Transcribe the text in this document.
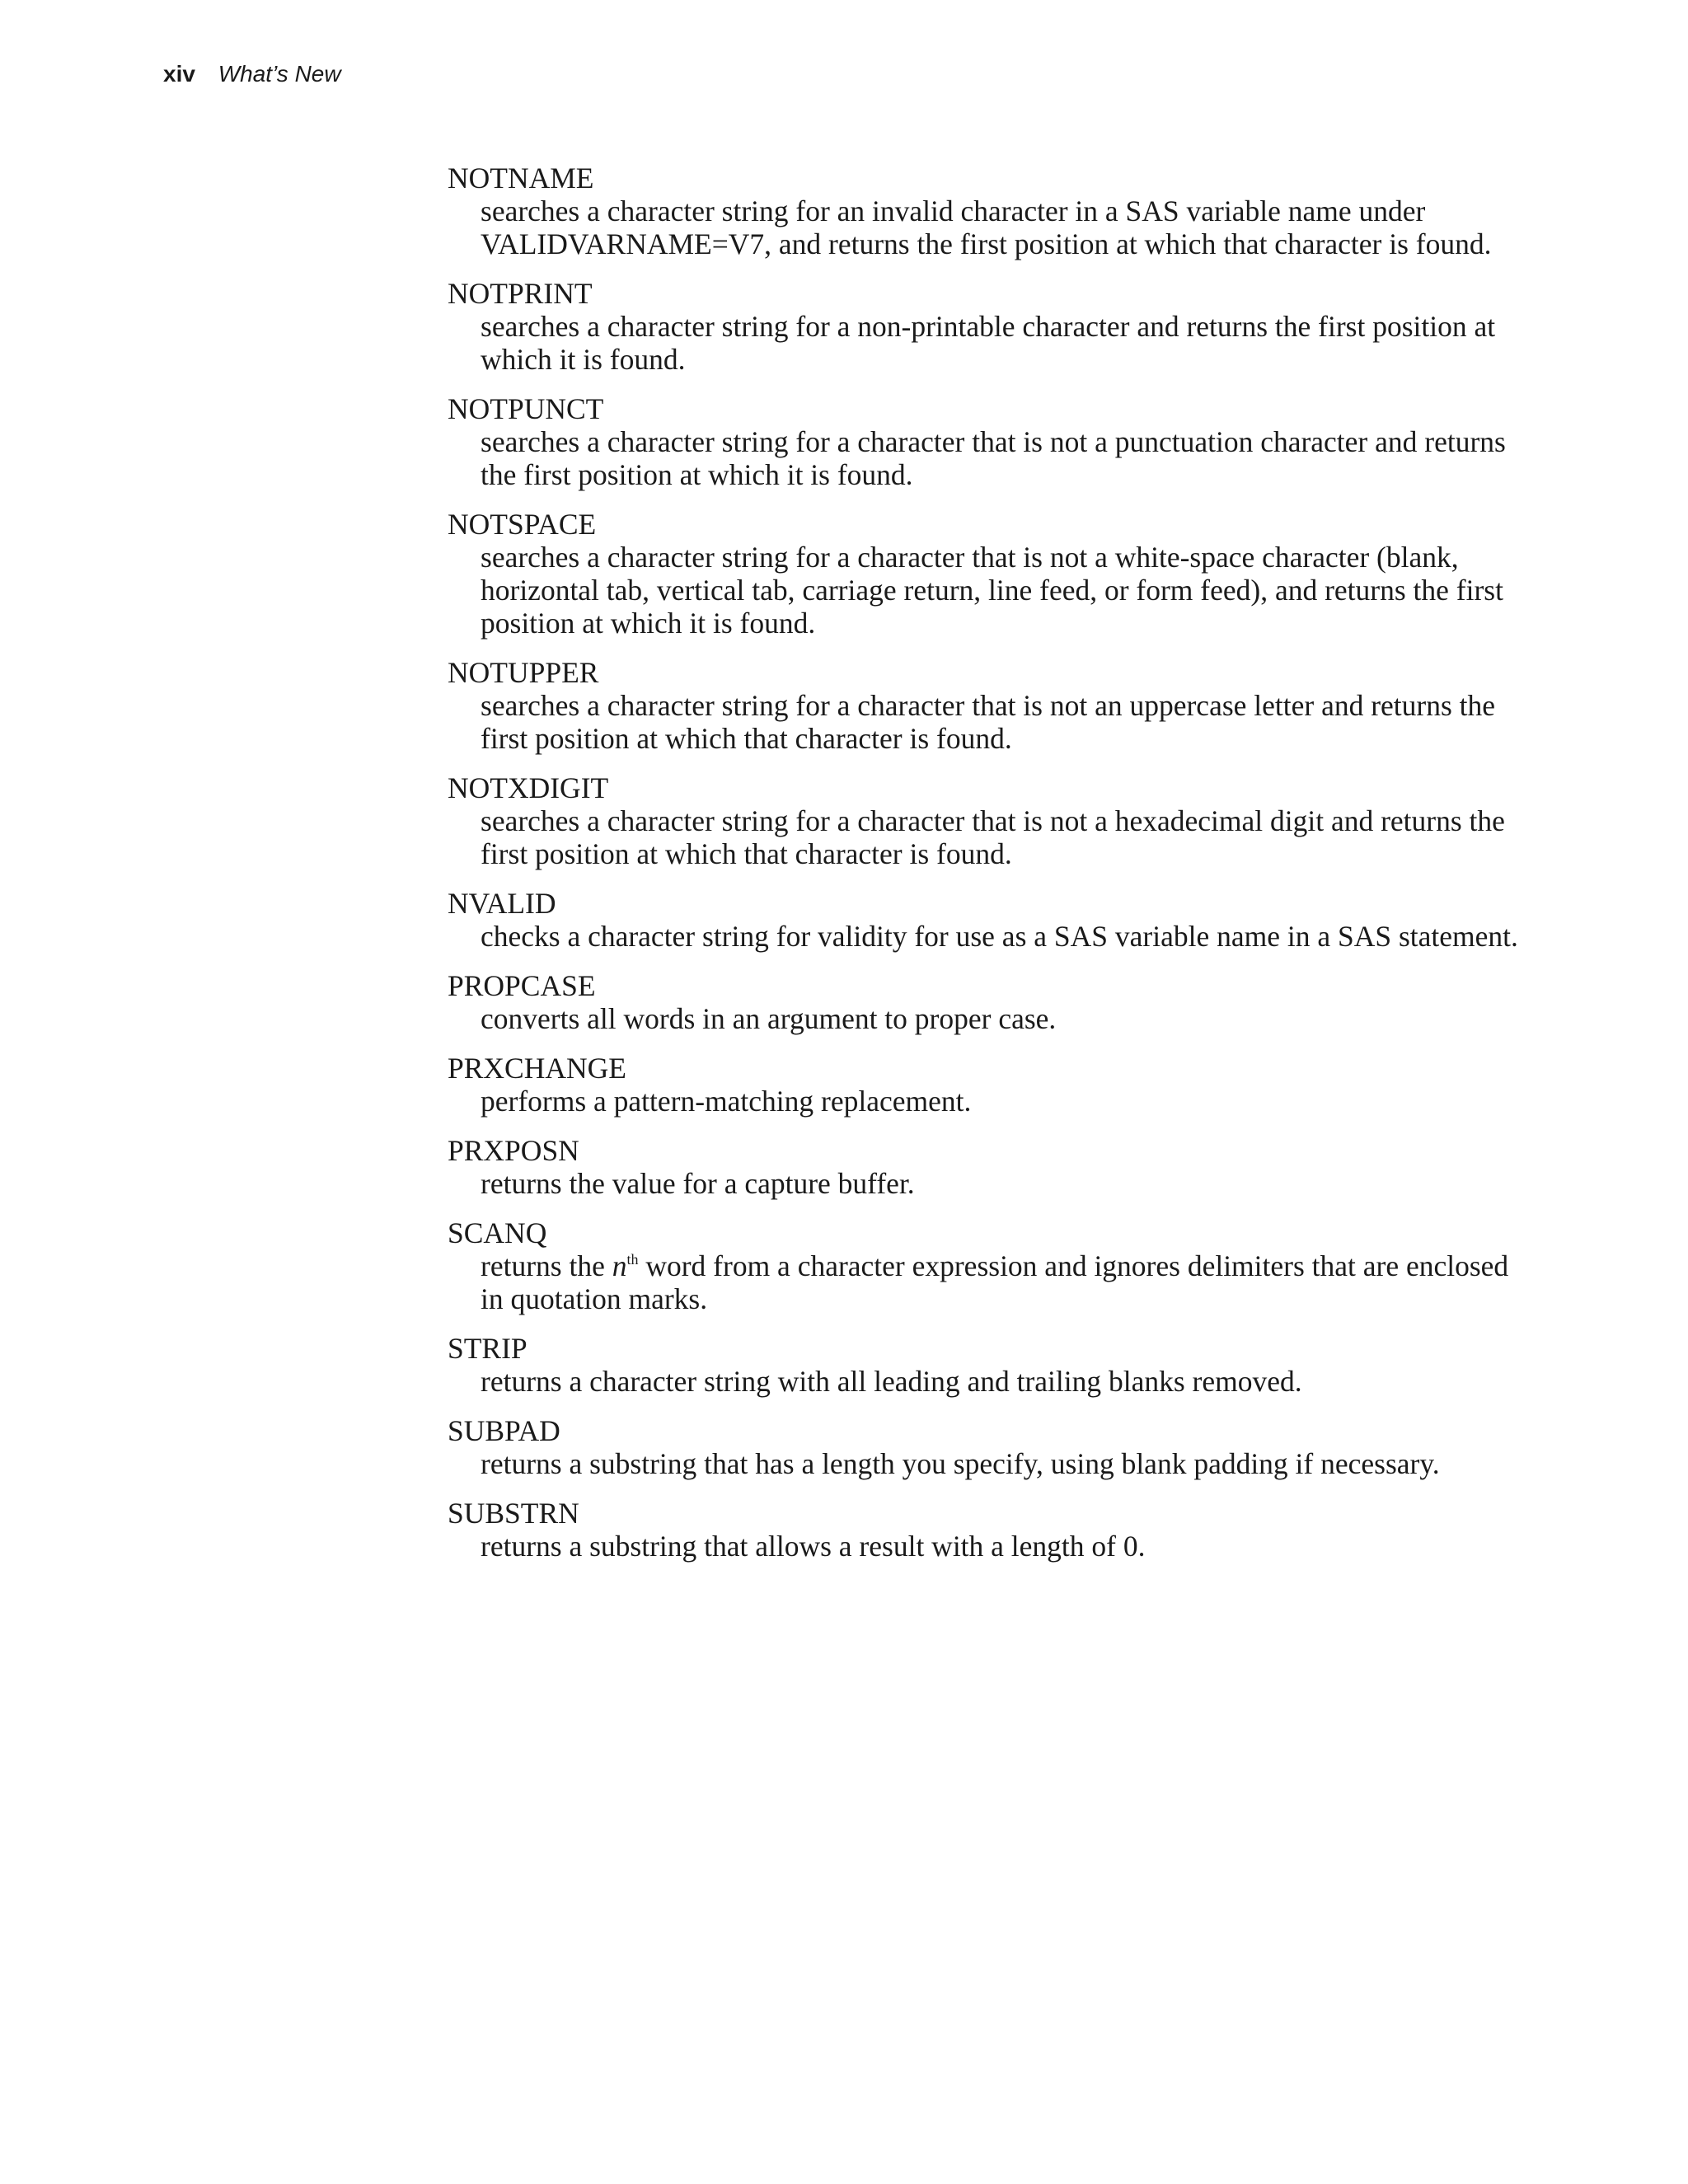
xiv What’s New
NOTNAME
searches a character string for an invalid character in a SAS variable name under VALIDVARNAME=V7, and returns the first position at which that character is found.
NOTPRINT
searches a character string for a non-printable character and returns the first position at which it is found.
NOTPUNCT
searches a character string for a character that is not a punctuation character and returns the first position at which it is found.
NOTSPACE
searches a character string for a character that is not a white-space character (blank, horizontal tab, vertical tab, carriage return, line feed, or form feed), and returns the first position at which it is found.
NOTUPPER
searches a character string for a character that is not an uppercase letter and returns the first position at which that character is found.
NOTXDIGIT
searches a character string for a character that is not a hexadecimal digit and returns the first position at which that character is found.
NVALID
checks a character string for validity for use as a SAS variable name in a SAS statement.
PROPCASE
converts all words in an argument to proper case.
PRXCHANGE
performs a pattern-matching replacement.
PRXPOSN
returns the value for a capture buffer.
SCANQ
returns the $n^{th}$ word from a character expression and ignores delimiters that are enclosed in quotation marks.
STRIP
returns a character string with all leading and trailing blanks removed.
SUBPAD
returns a substring that has a length you specify, using blank padding if necessary.
SUBSTRN
returns a substring that allows a result with a length of 0.
